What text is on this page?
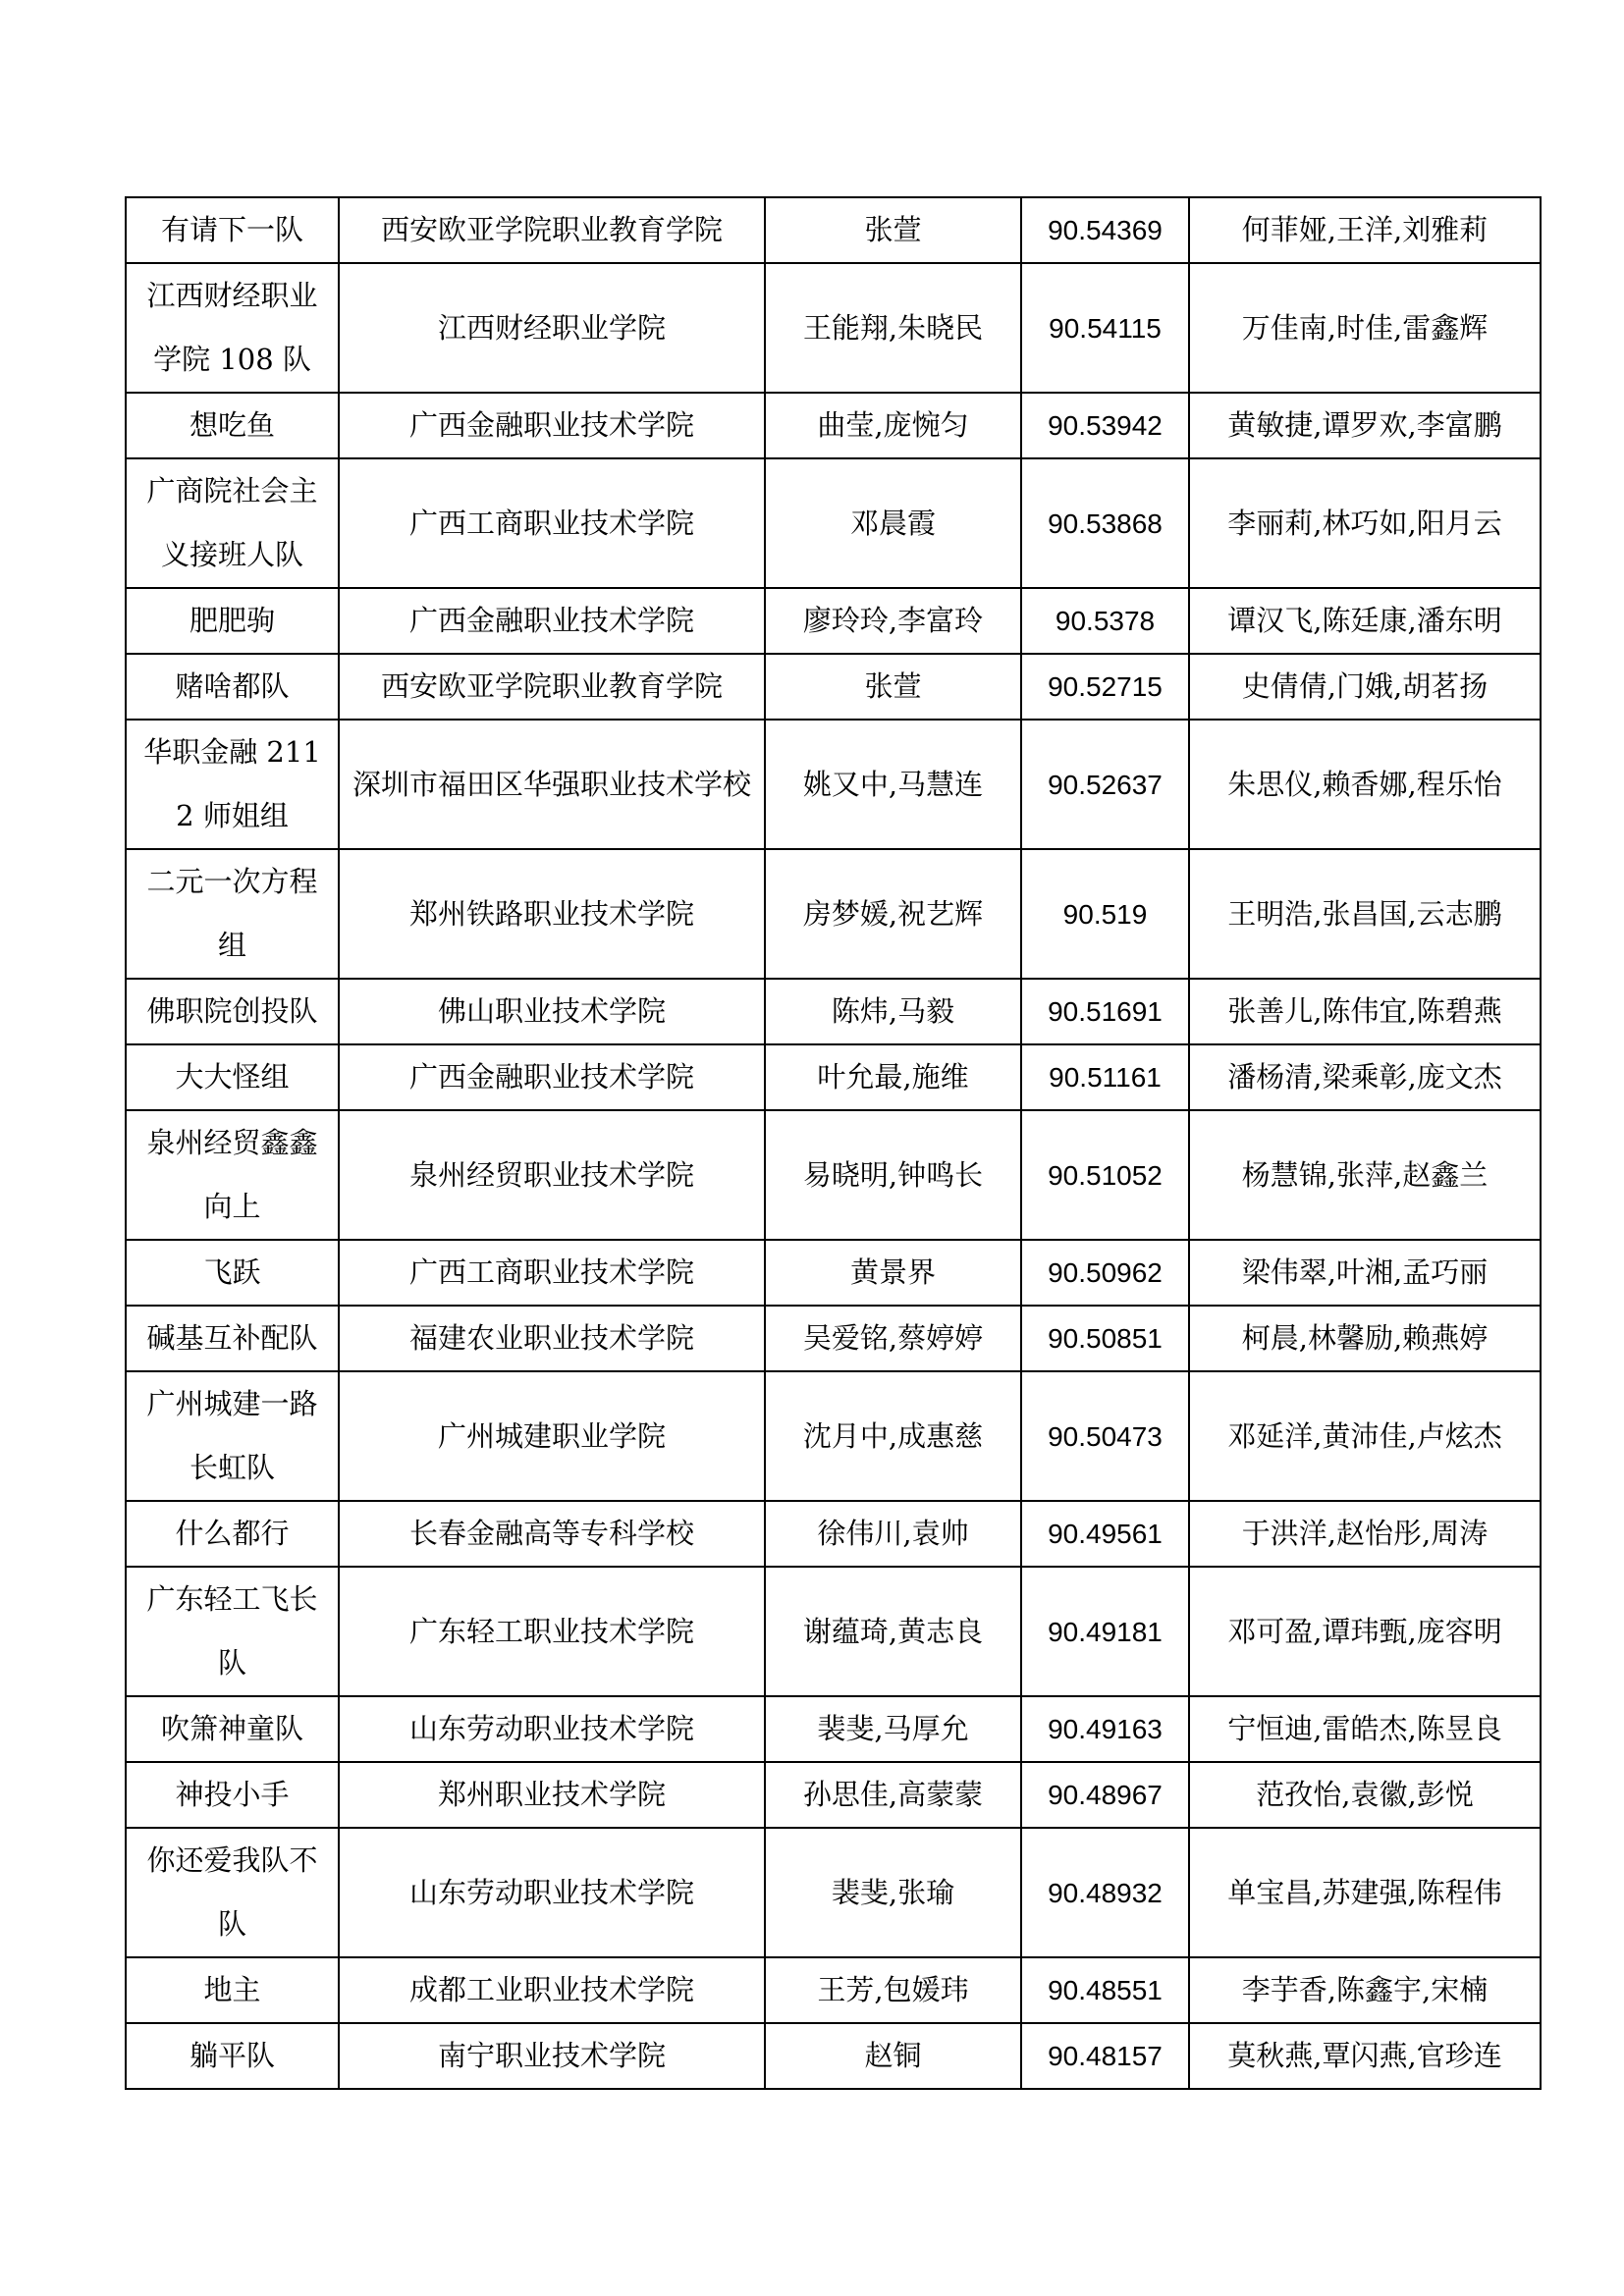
有请下一队	西安欧亚学院职业教育学院	张萱	90.54369	何菲娅,王洋,刘雅莉
江西财经职业学院 108 队	江西财经职业学院	王能翔,朱晓民	90.54115	万佳南,时佳,雷鑫辉
想吃鱼	广西金融职业技术学院	曲莹,庞惋匀	90.53942	黄敏捷,谭罗欢,李富鹏
广商院社会主义接班人队	广西工商职业技术学院	邓晨霞	90.53868	李丽莉,林巧如,阳月云
肥肥驹	广西金融职业技术学院	廖玲玲,李富玲	90.5378	谭汉飞,陈廷康,潘东明
赌啥都队	西安欧亚学院职业教育学院	张萱	90.52715	史倩倩,门娥,胡茗扬
华职金融 2112 师姐组	深圳市福田区华强职业技术学校	姚又中,马慧连	90.52637	朱思仪,赖香娜,程乐怡
二元一次方程组	郑州铁路职业技术学院	房梦媛,祝艺辉	90.519	王明浩,张昌国,云志鹏
佛职院创投队	佛山职业技术学院	陈炜,马毅	90.51691	张善儿,陈伟宜,陈碧燕
大大怪组	广西金融职业技术学院	叶允最,施维	90.51161	潘杨清,梁乘彰,庞文杰
泉州经贸鑫鑫向上	泉州经贸职业技术学院	易晓明,钟鸣长	90.51052	杨慧锦,张萍,赵鑫兰
飞跃	广西工商职业技术学院	黄景界	90.50962	梁伟翠,叶湘,孟巧丽
碱基互补配队	福建农业职业技术学院	吴爱铭,蔡婷婷	90.50851	柯晨,林馨励,赖燕婷
广州城建一路长虹队	广州城建职业学院	沈月中,成惠慈	90.50473	邓延洋,黄沛佳,卢炫杰
什么都行	长春金融高等专科学校	徐伟川,袁帅	90.49561	于洪洋,赵怡彤,周涛
广东轻工飞长队	广东轻工职业技术学院	谢蕴琦,黄志良	90.49181	邓可盈,谭玮甄,庞容明
吹箫神童队	山东劳动职业技术学院	裴斐,马厚允	90.49163	宁恒迪,雷皓杰,陈昱良
神投小手	郑州职业技术学院	孙思佳,高蒙蒙	90.48967	范孜怡,袁徽,彭悦
你还爱我队不队	山东劳动职业技术学院	裴斐,张瑜	90.48932	单宝昌,苏建强,陈程伟
地主	成都工业职业技术学院	王芳,包媛玮	90.48551	李芋香,陈鑫宇,宋楠
躺平队	南宁职业技术学院	赵铜	90.48157	莫秋燕,覃闪燕,官珍连
